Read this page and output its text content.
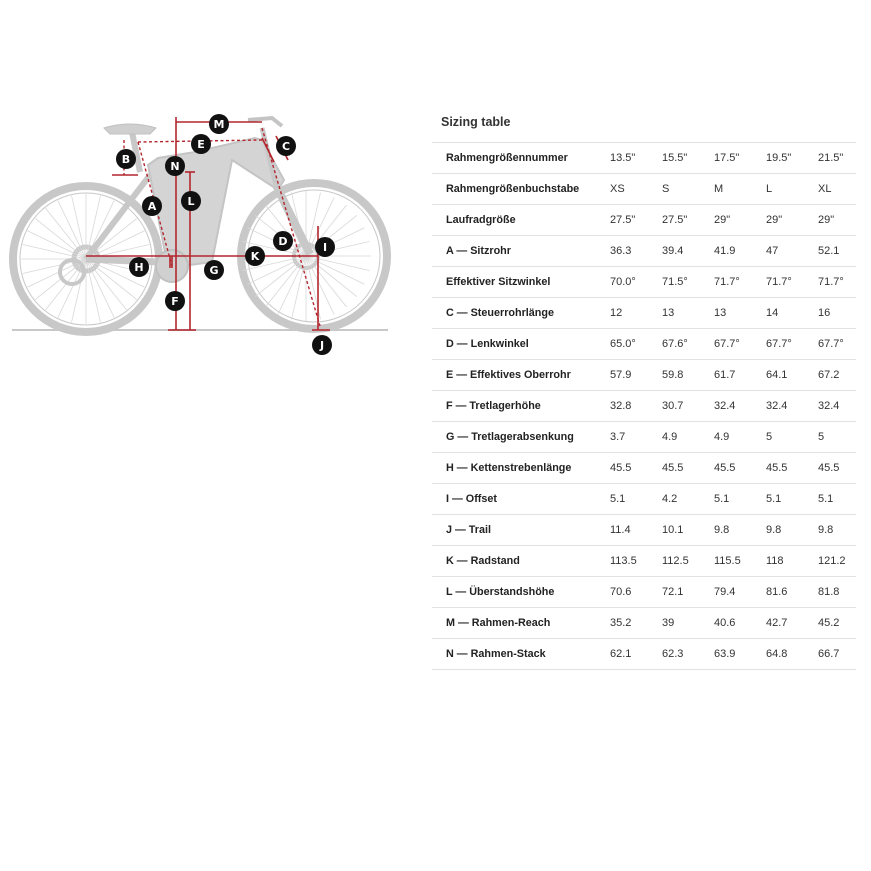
M
E	C
B
N
A	L
D	I
K
H	G
F
J
Sizing table
Rahmengrößennummer	13.5"	15.5"	17.5"	19.5"	21.5"
Rahmengrößenbuchstabe	XS	S	M	L	XL
Laufradgröße	27.5"	27.5"	29"	29"	29"
A — Sitzrohr	36.3	39.4	41.9	47	52.1
Effektiver Sitzwinkel	70.0°	71.5°	71.7°	71.7°	71.7°
C — Steuerrohrlänge	12	13	13	14	16
D — Lenkwinkel	65.0°	67.6°	67.7°	67.7°	67.7°
E — Effektives Oberrohr	57.9	59.8	61.7	64.1	67.2
F — Tretlagerhöhe	32.8	30.7	32.4	32.4	32.4
G — Tretlagerabsenkung	3.7	4.9	4.9	5	5
H — Kettenstrebenlänge	45.5	45.5	45.5	45.5	45.5
I — Offset	5.1	4.2	5.1	5.1	5.1
J — Trail	11.4	10.1	9.8	9.8	9.8
K — Radstand	113.5	112.5	115.5	118	121.2
L — Überstandshöhe	70.6	72.1	79.4	81.6	81.8
M — Rahmen-Reach	35.2	39	40.6	42.7	45.2
N — Rahmen-Stack	62.1	62.3	63.9	64.8	66.7
